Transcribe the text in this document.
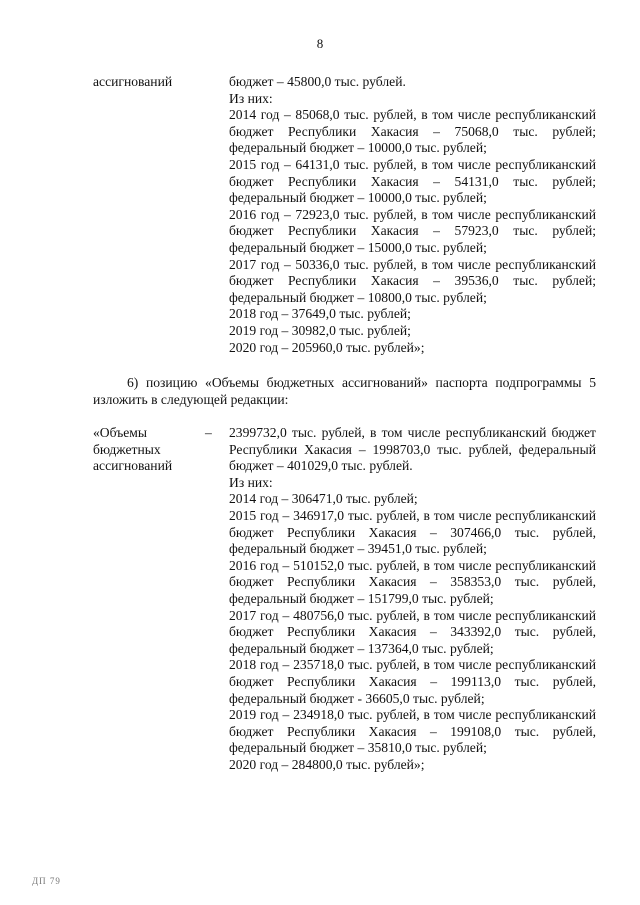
8
ассигнований	бюджет – 45800,0 тыс. рублей.

Из них:

2014 год – 85068,0 тыс. рублей, в том числе республиканский бюджет Республики Хакасия – 75068,0 тыс. рублей; федеральный бюджет – 10000,0 тыс. рублей;

2015 год – 64131,0 тыс. рублей, в том числе республиканский бюджет Республики Хакасия – 54131,0 тыс. рублей; федеральный бюджет – 10000,0 тыс. рублей;

2016 год – 72923,0 тыс. рублей, в том числе республиканский бюджет Республики Хакасия – 57923,0 тыс. рублей; федеральный бюджет – 15000,0 тыс. рублей;

2017 год – 50336,0 тыс. рублей, в том числе республиканский бюджет Республики Хакасия – 39536,0 тыс. рублей; федеральный бюджет – 10800,0 тыс. рублей;

2018 год – 37649,0 тыс. рублей;

2019 год – 30982,0 тыс. рублей;

2020 год – 205960,0 тыс. рублей»;

6) позицию «Объемы бюджетных ассигнований» паспорта подпрограммы 5 изложить в следующей редакции:
«Объемы
бюджетных
ассигнований
– 2399732,0 тыс. рублей, в том числе республиканский бюджет Республики Хакасия – 1998703,0 тыс. рублей, федеральный бюджет – 401029,0 тыс. рублей.

Из них:

2014 год – 306471,0 тыс. рублей;

2015 год – 346917,0 тыс. рублей, в том числе республиканский бюджет Республики Хакасия – 307466,0 тыс. рублей, федеральный бюджет – 39451,0 тыс. рублей;

2016 год – 510152,0 тыс. рублей, в том числе республиканский бюджет Республики Хакасия – 358353,0 тыс. рублей, федеральный бюджет – 151799,0 тыс. рублей;

2017 год – 480756,0 тыс. рублей, в том числе республиканский бюджет Республики Хакасия – 343392,0 тыс. рублей, федеральный бюджет – 137364,0 тыс. рублей;

2018 год – 235718,0 тыс. рублей, в том числе республиканский бюджет Республики Хакасия – 199113,0 тыс. рублей, федеральный бюджет - 36605,0 тыс. рублей;

2019 год – 234918,0 тыс. рублей, в том числе республиканский бюджет Республики Хакасия – 199108,0 тыс. рублей, федеральный бюджет – 35810,0 тыс. рублей;

2020 год – 284800,0 тыс. рублей»;

ДП 79
